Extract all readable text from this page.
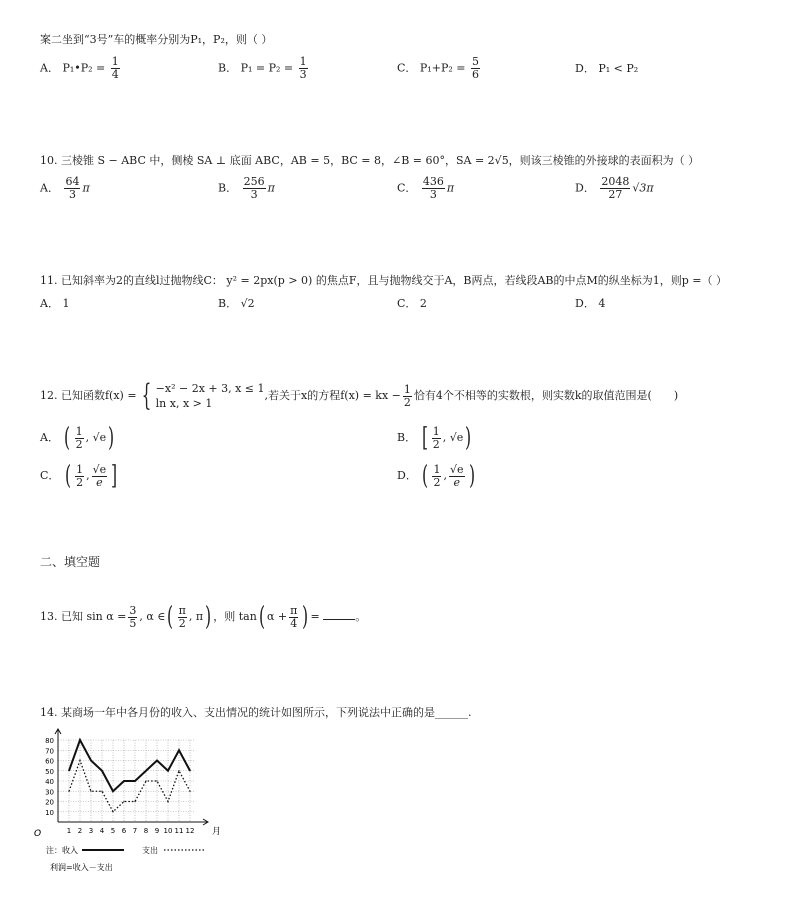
案二坐到“3号”车的概率分别为P₁，P₂，则（ ）
A． P₁•P₂ = $\frac{1}{4}$	B． $P_1 = P_2 = \frac{1}{3}$	C． $P_1+P_2 = \frac{5}{6}$	D． P₁ < P₂
10. 三棱锥 S − ABC 中，侧棱 SA ⊥ 底面 ABC，AB = 5，BC = 8，∠B = 60°，SA = 2√5，则该三棱锥的外接球的表面积为（ ）
A． $\frac{64}{3}$ π	B． $\frac{256}{3}$ π	C． $\frac{436}{3}$ π	D． $\frac{2048}{27} √3\pi$
11. 已知斜率为2的直线l过抛物线C： y² = 2px(p > 0) 的焦点F，且与抛物线交于A，B两点，若线段AB的中点M的纵坐标为1，则p =（ ）
A． 1	B． √2	C． 2	D． 4
12. 已知函数f(x) = { −x² − 2x + 3, x ≤ 1
ln x, x > 1
,若关于x的方程f(x) = kx − $\frac{1}{2}$ 恰有4个不相等的实数根，则实数k的取值范围是(　　)
A． ( $\frac{1}{2}$ , √e)	B． [ $\frac{1}{2}$ , √e)
C． ( $\frac{1}{2}$ , $\frac{√e}{e}$ ]	D． ( $\frac{1}{2}$ , $\frac{√e}{e}$ )
二、填空题
13. 已知 $\sin \alpha = \frac{3}{5}$ , α ∈( $\frac{\pi}{2}$ , π) ，则 tan( $\alpha + \frac{\pi}{4}$ ) =	。
14. 某商场一年中各月份的收入、支出情况的统计如图所示，下列说法中正确的是______.
80
70
60
50
40
30
20
10
1 2 3 4 5 6 7 8 9 10 11 12
O	月
注：收入	支出
利润=收入－支出
